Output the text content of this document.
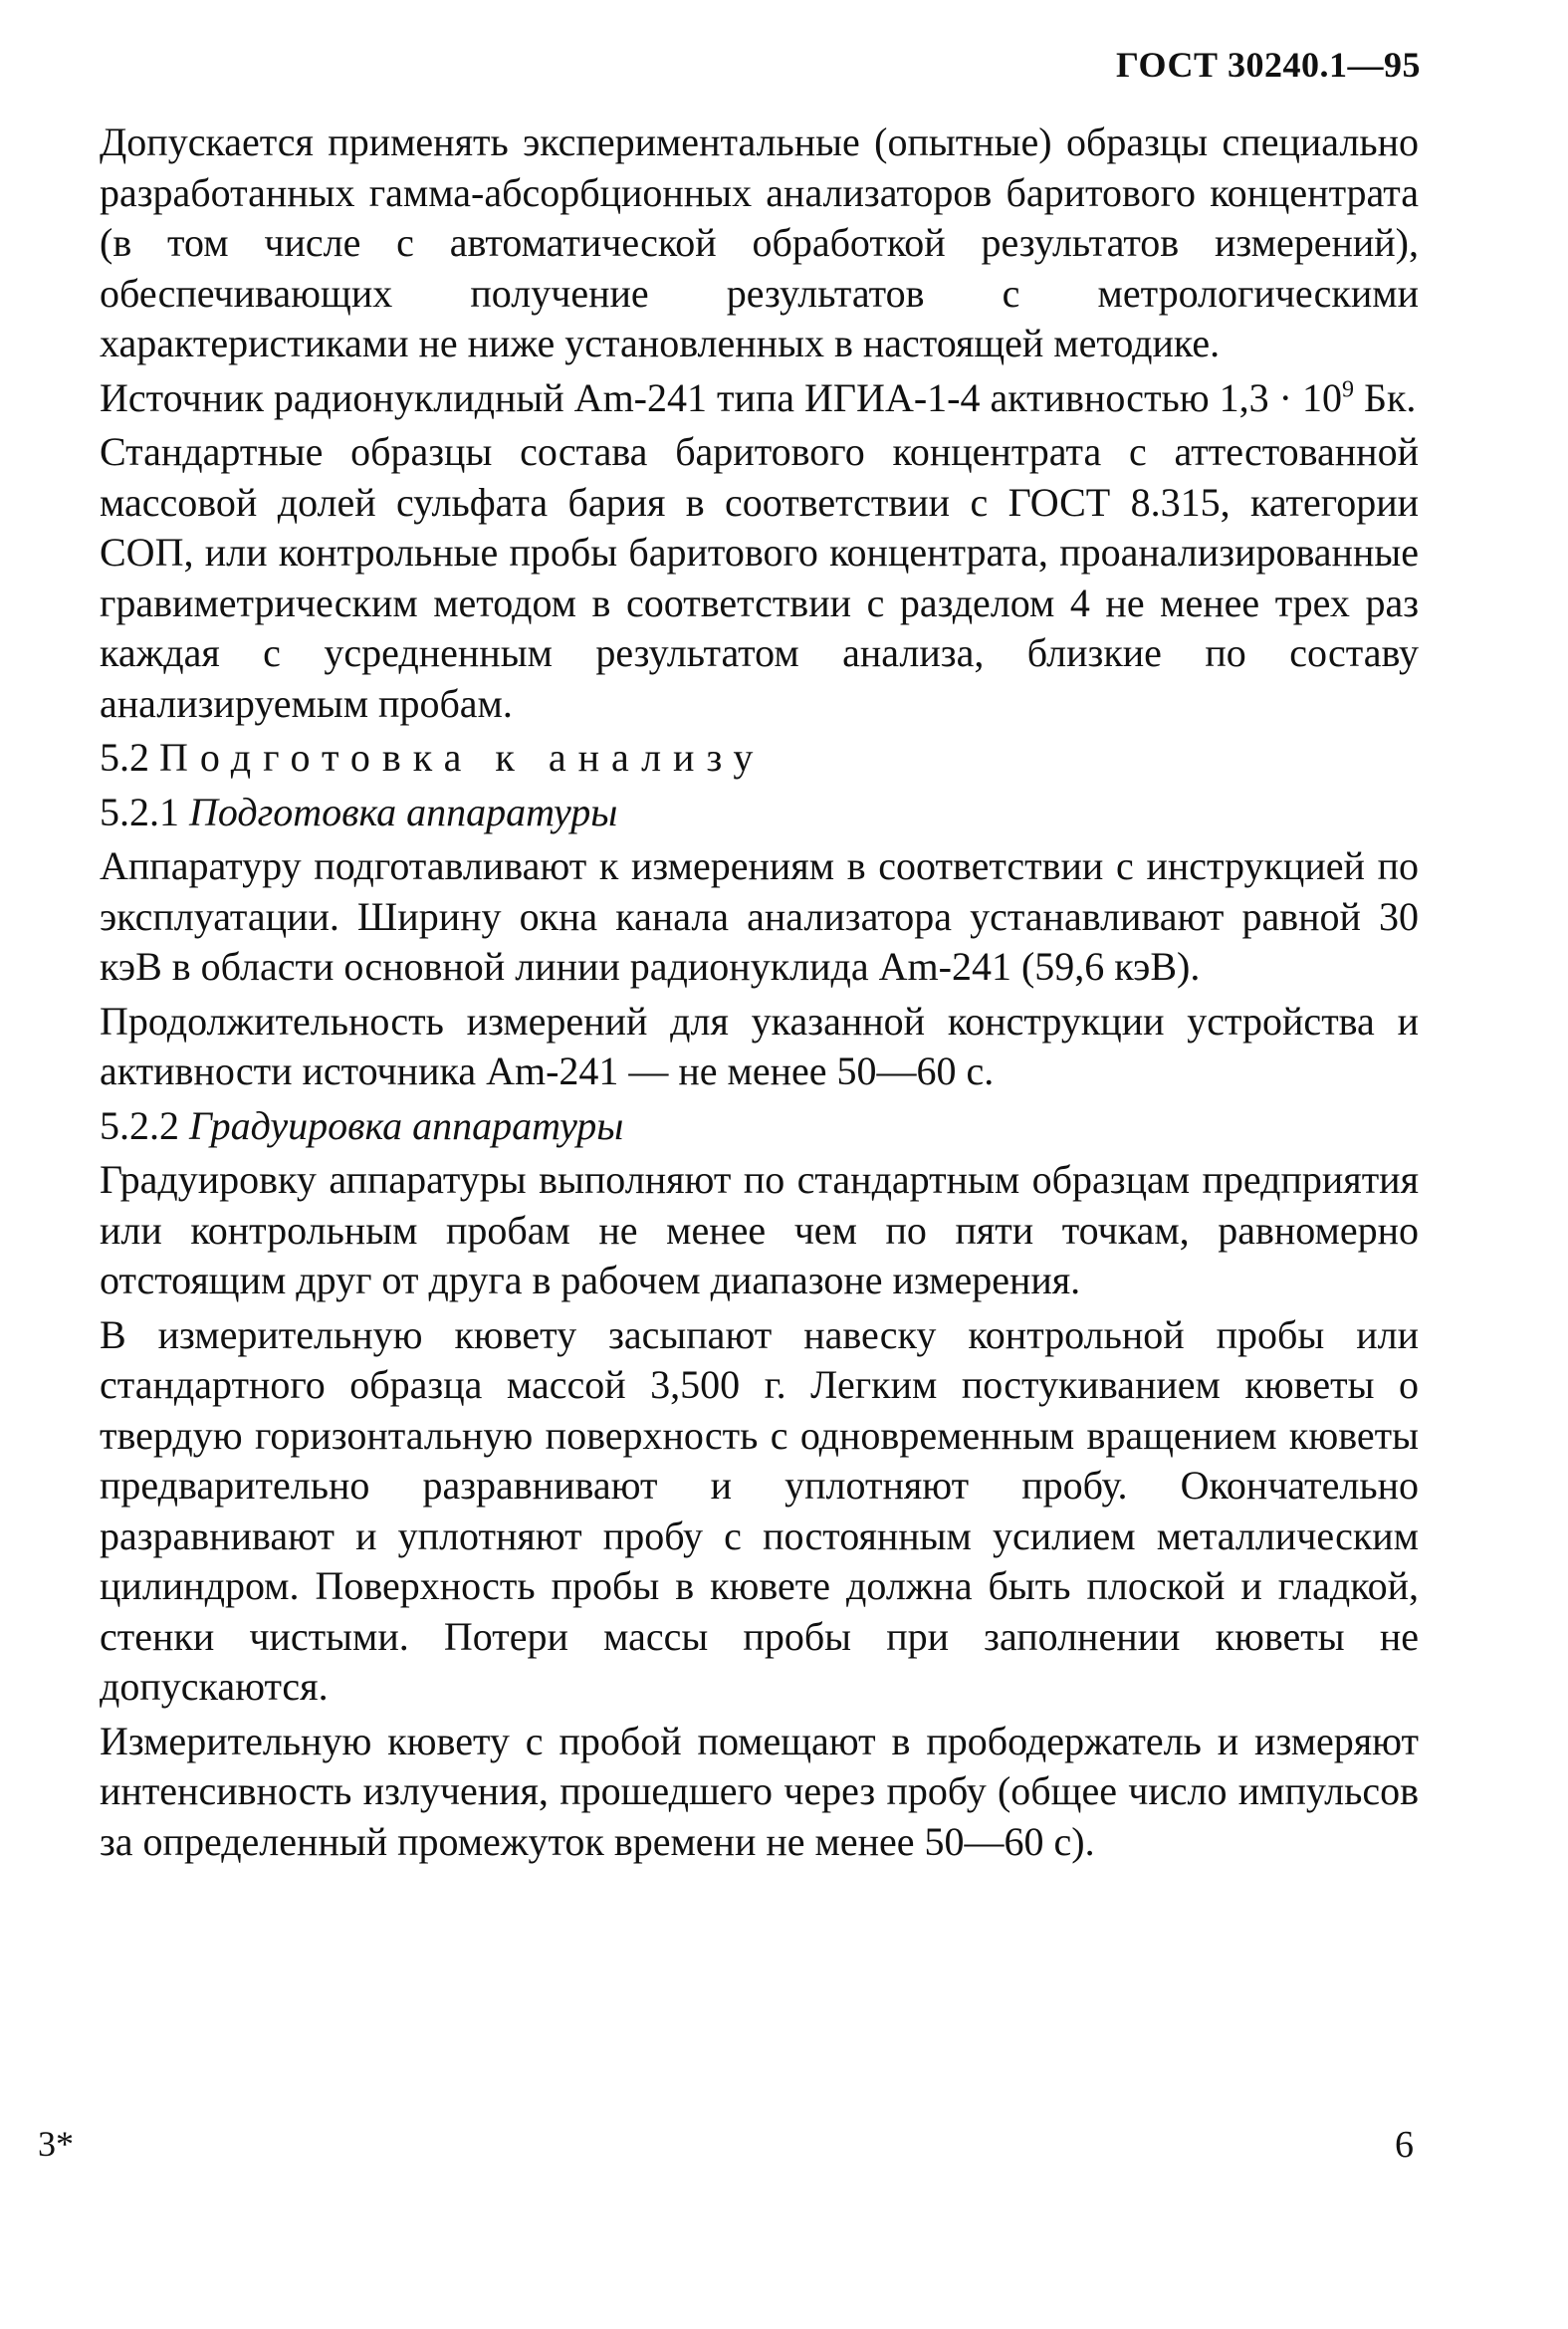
ГОСТ 30240.1—95

Допускается применять экспериментальные (опытные) образцы специально разработанных гамма-абсорбционных анализаторов баритового концентрата (в том числе с автоматической обработкой результатов измерений), обеспечивающих получение результатов с метрологическими характеристиками не ниже установленных в настоящей методике.

Источник радионуклидный Am-241 типа ИГИА-1-4 активностью $1,3 \cdot 10^9$ Бк.

Стандартные образцы состава баритового концентрата с аттестованной массовой долей сульфата бария в соответствии с ГОСТ 8.315, категории СОП, или контрольные пробы баритового концентрата, проанализированные гравиметрическим методом в соответствии с разделом 4 не менее трех раз каждая с усредненным результатом анализа, близкие по составу анализируемым пробам.

5.2 Подготовка к анализу

5.2.1 Подготовка аппаратуры

Аппаратуру подготавливают к измерениям в соответствии с инструкцией по эксплуатации. Ширину окна канала анализатора устанавливают равной 30 кэВ в области основной линии радионуклида Am-241 (59,6 кэВ).

Продолжительность измерений для указанной конструкции устройства и активности источника Am-241 — не менее 50—60 с.

5.2.2 Градуировка аппаратуры

Градуировку аппаратуры выполняют по стандартным образцам предприятия или контрольным пробам не менее чем по пяти точкам, равномерно отстоящим друг от друга в рабочем диапазоне измерения.

В измерительную кювету засыпают навеску контрольной пробы или стандартного образца массой 3,500 г. Легким постукиванием кюветы о твердую горизонтальную поверхность с одновременным вращением кюветы предварительно разравнивают и уплотняют пробу. Окончательно разравнивают и уплотняют пробу с постоянным усилием металлическим цилиндром. Поверхность пробы в кювете должна быть плоской и гладкой, стенки чистыми. Потери массы пробы при заполнении кюветы не допускаются.

Измерительную кювету с пробой помещают в прободержатель и измеряют интенсивность излучения, прошедшего через пробу (общее число импульсов за определенный промежуток времени не менее 50—60 с).

3*	6
